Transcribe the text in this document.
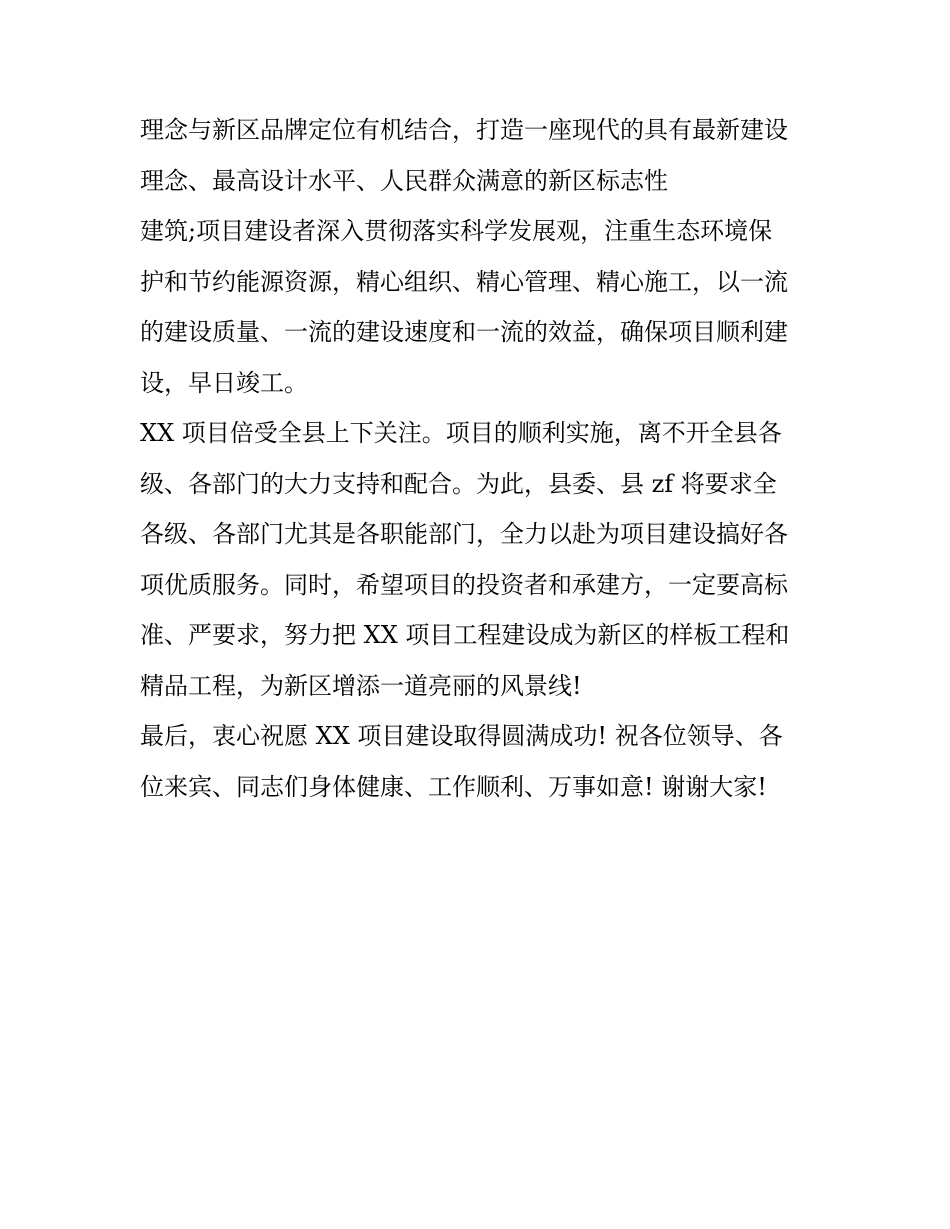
理念与新区品牌定位有机结合，打造一座现代的具有最新建设
理念、最高设计水平、人民群众满意的新区标志性
建筑;项目建设者深入贯彻落实科学发展观，注重生态环境保
护和节约能源资源，精心组织、精心管理、精心施工，以一流
的建设质量、一流的建设速度和一流的效益，确保项目顺利建
设，早日竣工。
XX 项目倍受全县上下关注。项目的顺利实施，离不开全县各
级、各部门的大力支持和配合。为此，县委、县 zf 将要求全
各级、各部门尤其是各职能部门，全力以赴为项目建设搞好各
项优质服务。同时，希望项目的投资者和承建方，一定要高标
准、严要求，努力把 XX 项目工程建设成为新区的样板工程和
精品工程，为新区增添一道亮丽的风景线!
最后，衷心祝愿 XX 项目建设取得圆满成功! 祝各位领导、各
位来宾、同志们身体健康、工作顺利、万事如意! 谢谢大家!
